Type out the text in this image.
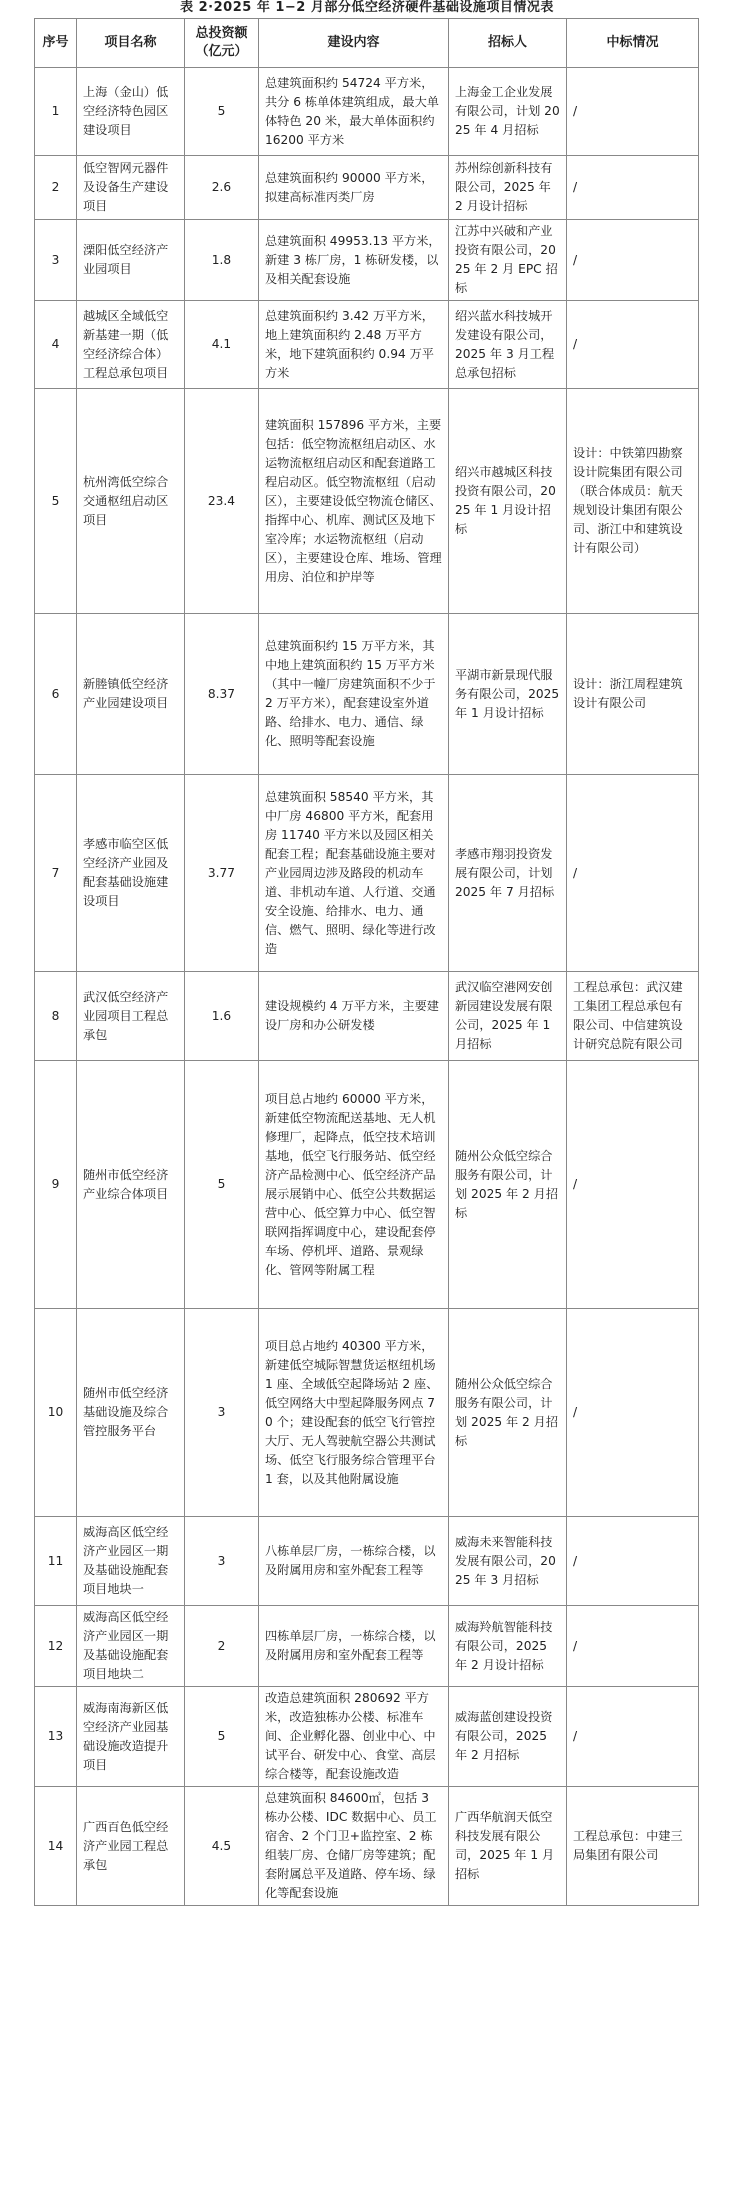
表 2·2025 年 1−2 月部分低空经济硬件基础设施项目情况表
序号	项目名称	总投资额（亿元）	建设内容	招标人	中标情况
1	上海（金山）低空经济特色园区建设项目	5	总建筑面积约 54724 平方米，共分 6 栋单体建筑组成，最大单体特色 20 米，最大单体面积约 16200 平方米	上海金工企业发展有限公司，计划 2025 年 4 月招标	/
2	低空智网元器件及设备生产建设项目	2.6	总建筑面积约 90000 平方米，拟建高标准丙类厂房	苏州综创新科技有限公司，2025 年 2 月设计招标	/
3	溧阳低空经济产业园项目	1.8	总建筑面积 49953.13 平方米，新建 3 栋厂房，1 栋研发楼，以及相关配套设施	江苏中兴破和产业投资有限公司，2025 年 2 月 EPC 招标	/
4	越城区全域低空新基建一期（低空经济综合体）工程总承包项目	4.1	总建筑面积约 3.42 万平方米，地上建筑面积约 2.48 万平方米，地下建筑面积约 0.94 万平方米	绍兴蓝水科技城开发建设有限公司，2025 年 3 月工程总承包招标	/
5	杭州湾低空综合交通枢纽启动区项目	23.4	建筑面积 157896 平方米，主要包括：低空物流枢纽启动区、水运物流枢纽启动区和配套道路工程启动区。低空物流枢纽（启动区），主要建设低空物流仓储区、指挥中心、机库、测试区及地下室冷库；水运物流枢纽（启动区），主要建设仓库、堆场、管理用房、泊位和护岸等	绍兴市越城区科技投资有限公司，2025 年 1 月设计招标	设计：中铁第四勘察设计院集团有限公司（联合体成员：航天规划设计集团有限公司、浙江中和建筑设计有限公司）
6	新塍镇低空经济产业园建设项目	8.37	总建筑面积约 15 万平方米，其中地上建筑面积约 15 万平方米（其中一幢厂房建筑面积不少于 2 万平方米），配套建设室外道路、给排水、电力、通信、绿化、照明等配套设施	平湖市新景现代服务有限公司，2025 年 1 月设计招标	设计：浙江周程建筑设计有限公司
7	孝感市临空区低空经济产业园及配套基础设施建设项目	3.77	总建筑面积 58540 平方米，其中厂房 46800 平方米，配套用房 11740 平方米以及园区相关配套工程；配套基础设施主要对产业园周边涉及路段的机动车道、非机动车道、人行道、交通安全设施、给排水、电力、通信、燃气、照明、绿化等进行改造	孝感市翔羽投资发展有限公司，计划 2025 年 7 月招标	/
8	武汉低空经济产业园项目工程总承包	1.6	建设规模约 4 万平方米，主要建设厂房和办公研发楼	武汉临空港网安创新园建设发展有限公司，2025 年 1 月招标	工程总承包：武汉建工集团工程总承包有限公司、中信建筑设计研究总院有限公司
9	随州市低空经济产业综合体项目	5	项目总占地约 60000 平方米，新建低空物流配送基地、无人机修理厂，起降点，低空技术培训基地，低空飞行服务站、低空经济产品检测中心、低空经济产品展示展销中心、低空公共数据运营中心、低空算力中心、低空智联网指挥调度中心，建设配套停车场、停机坪、道路、景观绿化、管网等附属工程	随州公众低空综合服务有限公司，计划 2025 年 2 月招标	/
10	随州市低空经济基础设施及综合管控服务平台	3	项目总占地约 40300 平方米，新建低空城际智慧货运枢纽机场 1 座、全域低空起降场站 2 座、低空网络大中型起降服务网点 70 个；建设配套的低空飞行管控大厅、无人驾驶航空器公共测试场、低空飞行服务综合管理平台 1 套，以及其他附属设施	随州公众低空综合服务有限公司，计划 2025 年 2 月招标	/
11	威海高区低空经济产业园区一期及基础设施配套项目地块一	3	八栋单层厂房，一栋综合楼，以及附属用房和室外配套工程等	威海未来智能科技发展有限公司，2025 年 3 月招标	/
12	威海高区低空经济产业园区一期及基础设施配套项目地块二	2	四栋单层厂房，一栋综合楼，以及附属用房和室外配套工程等	威海羚航智能科技有限公司，2025 年 2 月设计招标	/
13	威海南海新区低空经济产业园基础设施改造提升项目	5	改造总建筑面积 280692 平方米，改造独栋办公楼、标准车间、企业孵化器、创业中心、中试平台、研发中心、食堂、高层综合楼等，配套设施改造	威海蓝创建设投资有限公司，2025 年 2 月招标	/
14	广西百色低空经济产业园工程总承包	4.5	总建筑面积 84600㎡，包括 3 栋办公楼、IDC 数据中心、员工宿舍、2 个门卫+监控室、2 栋组装厂房、仓储厂房等建筑；配套附属总平及道路、停车场、绿化等配套设施	广西华航润天低空科技发展有限公司，2025 年 1 月招标	工程总承包：中建三局集团有限公司
